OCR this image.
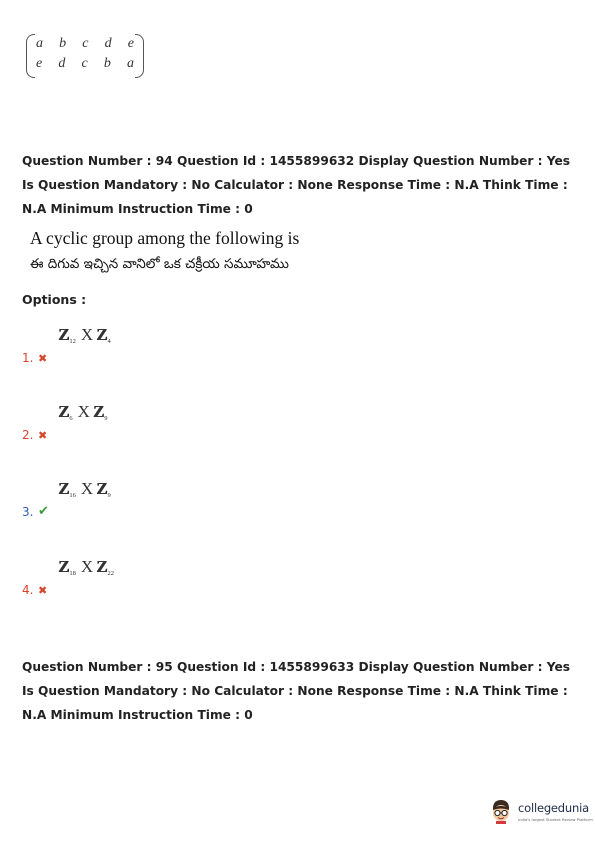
a b c d e
e d c b a

Question Number : 94 Question Id : 1455899632 Display Question Number : Yes Is Question Mandatory : No Calculator : None Response Time : N.A Think Time : N.A Minimum Instruction Time : 0

A cyclic group among the following is
ఈ దిగువ ఇచ్చిన వానిలో ఒక చక్రీయ సమూహము
Options :
1. ✖
$Z_{12}$ X $Z_4$
2. ✖
$Z_6$ X $Z_9$
3. ✔
$Z_{16}$ X $Z_9$
4. ✖
$Z_{18}$ X $Z_{22}$

Question Number : 95 Question Id : 1455899633 Display Question Number : Yes Is Question Mandatory : No Calculator : None Response Time : N.A Think Time : N.A Minimum Instruction Time : 0

collegedunia
India's largest Student Review Platform
